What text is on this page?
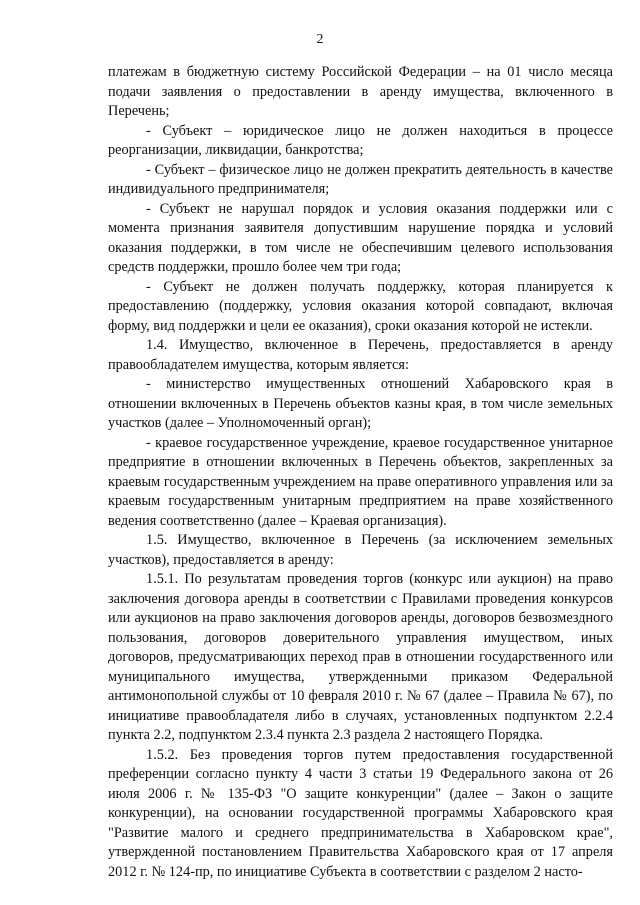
2

платежам в бюджетную систему Российской Федерации – на 01 число месяца подачи заявления о предоставлении в аренду имущества, включенного в Перечень;

- Субъект – юридическое лицо не должен находиться в процессе реорганизации, ликвидации, банкротства;

- Субъект – физическое лицо не должен прекратить деятельность в качестве индивидуального предпринимателя;

- Субъект не нарушал порядок и условия оказания поддержки или с момента признания заявителя допустившим нарушение порядка и условий оказания поддержки, в том числе не обеспечившим целевого использования средств поддержки, прошло более чем три года;

- Субъект не должен получать поддержку, которая планируется к предоставлению (поддержку, условия оказания которой совпадают, включая форму, вид поддержки и цели ее оказания), сроки оказания которой не истекли.

1.4. Имущество, включенное в Перечень, предоставляется в аренду правообладателем имущества, которым является:

- министерство имущественных отношений Хабаровского края в отношении включенных в Перечень объектов казны края, в том числе земельных участков (далее – Уполномоченный орган);

- краевое государственное учреждение, краевое государственное унитарное предприятие в отношении включенных в Перечень объектов, закрепленных за краевым государственным учреждением на праве оперативного управления или за краевым государственным унитарным предприятием на праве хозяйственного ведения соответственно (далее – Краевая организация).

1.5. Имущество, включенное в Перечень (за исключением земельных участков), предоставляется в аренду:

1.5.1. По результатам проведения торгов (конкурс или аукцион) на право заключения договора аренды в соответствии с Правилами проведения конкурсов или аукционов на право заключения договоров аренды, договоров безвозмездного пользования, договоров доверительного управления имуществом, иных договоров, предусматривающих переход прав в отношении государственного или муниципального имущества, утвержденными приказом Федеральной антимонопольной службы от 10 февраля 2010 г. № 67 (далее – Правила № 67), по инициативе правообладателя либо в случаях, установленных подпунктом 2.2.4 пункта 2.2, подпунктом 2.3.4 пункта 2.3 раздела 2 настоящего Порядка.

1.5.2. Без проведения торгов путем предоставления государственной преференции согласно пункту 4 части 3 статьи 19 Федерального закона от 26 июля 2006 г. № 135-ФЗ "О защите конкуренции" (далее – Закон о защите конкуренции), на основании государственной программы Хабаровского края "Развитие малого и среднего предпринимательства в Хабаровском крае", утвержденной постановлением Правительства Хабаровского края от 17 апреля 2012 г. № 124-пр, по инициативе Субъекта в соответствии с разделом 2 насто-
